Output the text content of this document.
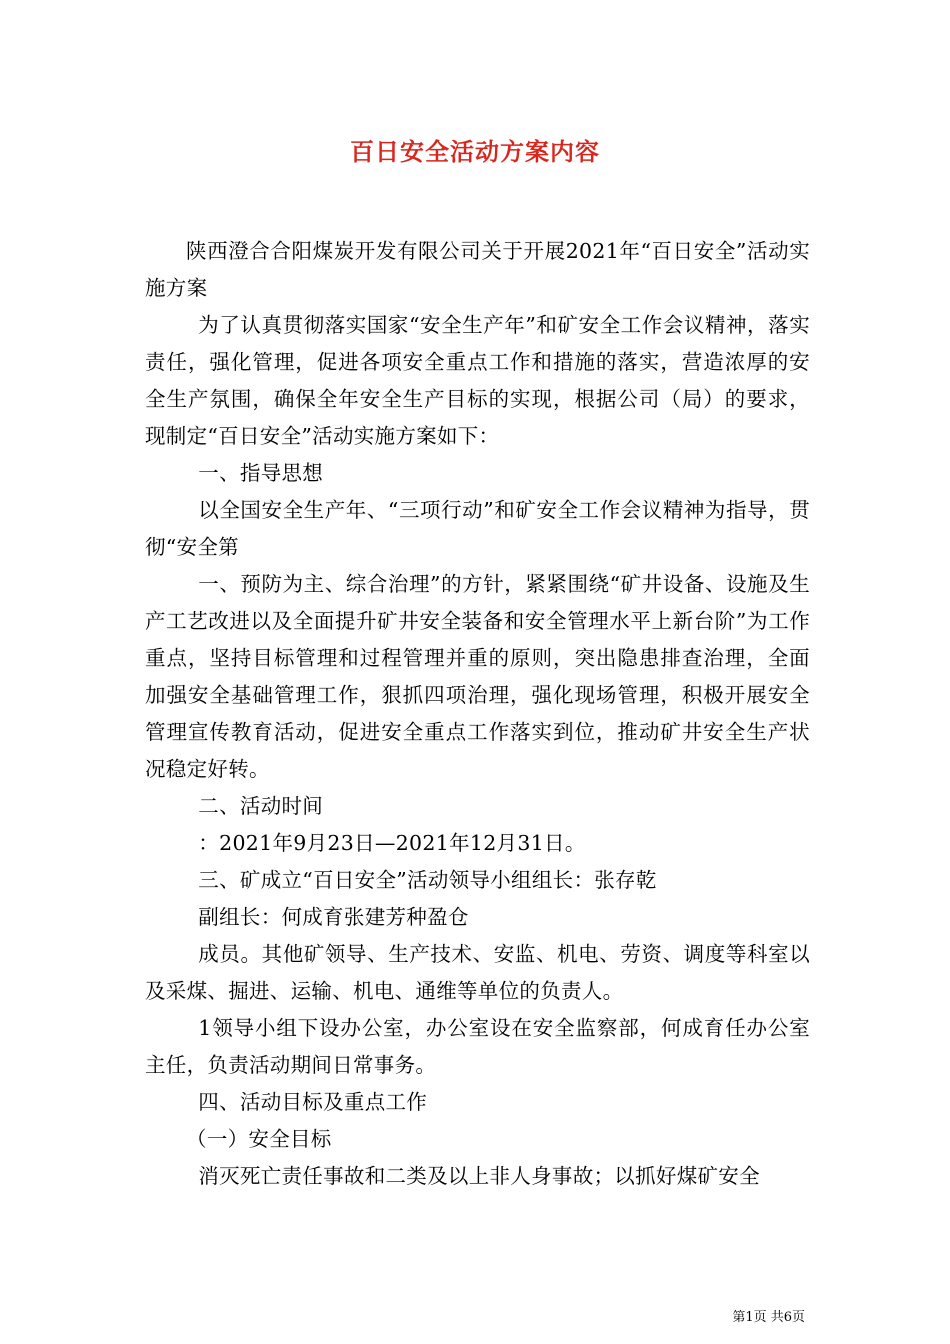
百日安全活动方案内容

陕西澄合合阳煤炭开发有限公司关于开展2021年“百日安全”活动实施方案

为了认真贯彻落实国家“安全生产年”和矿安全工作会议精神，落实责任，强化管理，促进各项安全重点工作和措施的落实，营造浓厚的安全生产氛围，确保全年安全生产目标的实现，根据公司（局）的要求，现制定“百日安全”活动实施方案如下：

一、指导思想

以全国安全生产年、“三项行动”和矿安全工作会议精神为指导，贯彻“安全第

一、预防为主、综合治理”的方针，紧紧围绕“矿井设备、设施及生产工艺改进以及全面提升矿井安全装备和安全管理水平上新台阶”为工作重点，坚持目标管理和过程管理并重的原则，突出隐患排查治理，全面加强安全基础管理工作，狠抓四项治理，强化现场管理，积极开展安全管理宣传教育活动，促进安全重点工作落实到位，推动矿井安全生产状况稳定好转。

二、活动时间

：2021年9月23日—2021年12月31日。

三、矿成立“百日安全”活动领导小组组长：张存乾

副组长：何成育张建芳种盈仓

成员。其他矿领导、生产技术、安监、机电、劳资、调度等科室以及采煤、掘进、运输、机电、通维等单位的负责人。

1领导小组下设办公室，办公室设在安全监察部，何成育任办公室主任，负责活动期间日常事务。

四、活动目标及重点工作

（一）安全目标

消灭死亡责任事故和二类及以上非人身事故；以抓好煤矿安全

第1页 共6页
